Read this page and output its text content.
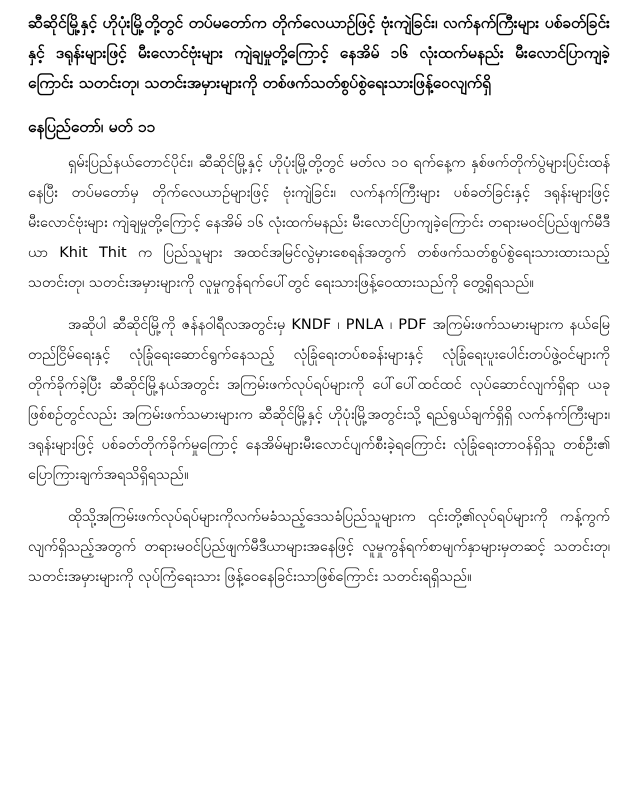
ဆီဆိုင်မြို့နှင့် ဟိုပုံးမြို့တို့တွင် တပ်မတော်က တိုက်လေယာဉ်ဖြင့် ဗုံးကျဲခြင်း၊ လက်နက်ကြီးများ ပစ်ခတ်ခြင်းနှင့် ဒရုန်းများဖြင့် မီးလောင်ဗုံးများ ကျဲချမှုတို့ကြောင့် နေအိမ် ၁၆ လုံးထက်မနည်း မီးလောင်ပြာကျခဲ့ကြောင်း သတင်းတု၊ သတင်းအမှားများကို တစ်ဖက်သတ်စွပ်စွဲရေးသားဖြန့်ဝေလျက်ရှိ

နေပြည်တော်၊ မတ် ၁၁

ရှမ်းပြည်နယ်တောင်ပိုင်း၊ ဆီဆိုင်မြို့နှင့် ဟိုပုံးမြို့တို့တွင် မတ်လ ၁၀ ရက်နေ့က နှစ်ဖက်တိုက်ပွဲများပြင်းထန်နေပြီး တပ်မတော်မှ တိုက်လေယာဉ်များဖြင့် ဗုံးကျဲခြင်း၊ လက်နက်ကြီးများ ပစ်ခတ်ခြင်းနှင့် ဒရုန်းများဖြင့် မီးလောင်ဗုံးများ ကျဲချမှုတို့ကြောင့် နေအိမ် ၁၆ လုံးထက်မနည်း မီးလောင်ပြာကျခဲ့ကြောင်း တရားမဝင်ပြည်ဖျက်မီဒီယာ Khit Thit က ပြည်သူများ အထင်အမြင်လွဲမှားစေရန်အတွက် တစ်ဖက်သတ်စွပ်စွဲရေးသားထားသည့် သတင်းတု၊ သတင်းအမှားများကို လူမှုကွန်ရက်ပေါ်တွင် ရေးသားဖြန့်ဝေထားသည်ကို တွေ့ရှိရသည်။

အဆိုပါ ဆီဆိုင်မြို့ကို ဇန်နဝါရီလအတွင်းမှ KNDF ၊ PNLA ၊ PDF အကြမ်းဖက်သမားများက နယ်မြေတည်ငြိမ်ရေးနှင့် လုံခြုံရေးဆောင်ရွက်နေသည့် လုံခြုံရေးတပ်စခန်းများနှင့် လုံခြုံရေးပူးပေါင်းတပ်ဖွဲ့ဝင်များကို တိုက်ခိုက်ခဲ့ပြီး ဆီဆိုင်မြို့နယ်အတွင်း အကြမ်းဖက်လုပ်ရပ်များကို ပေါ်ပေါ်ထင်ထင် လုပ်ဆောင်လျက်ရှိရာ ယခုဖြစ်စဉ်တွင်လည်း အကြမ်းဖက်သမားများက ဆီဆိုင်မြို့နှင့် ဟိုပုံးမြို့အတွင်းသို့ ရည်ရွယ်ချက်ရှိရှိ လက်နက်ကြီးများ၊ ဒရုန်းများဖြင့် ပစ်ခတ်တိုက်ခိုက်မှုကြောင့် နေအိမ်များမီးလောင်ပျက်စီးခဲ့ရကြောင်း လုံခြုံရေးတာဝန်ရှိသူ တစ်ဦး၏ ပြောကြားချက်အရသိရှိရသည်။

ထိုသို့အကြမ်းဖက်လုပ်ရပ်များကိုလက်မခံသည့်ဒေသခံပြည်သူများက ၎င်းတို့၏လုပ်ရပ်များကို ကန့်ကွက်လျက်ရှိသည့်အတွက် တရားမဝင်ပြည်ဖျက်မီဒီယာများအနေဖြင့် လူမှုကွန်ရက်စာမျက်နှာများမှတဆင့် သတင်းတု၊ သတင်းအမှားများကို လုပ်ကြံရေးသား ဖြန့်ဝေနေခြင်းသာဖြစ်ကြောင်း သတင်းရရှိသည်။
